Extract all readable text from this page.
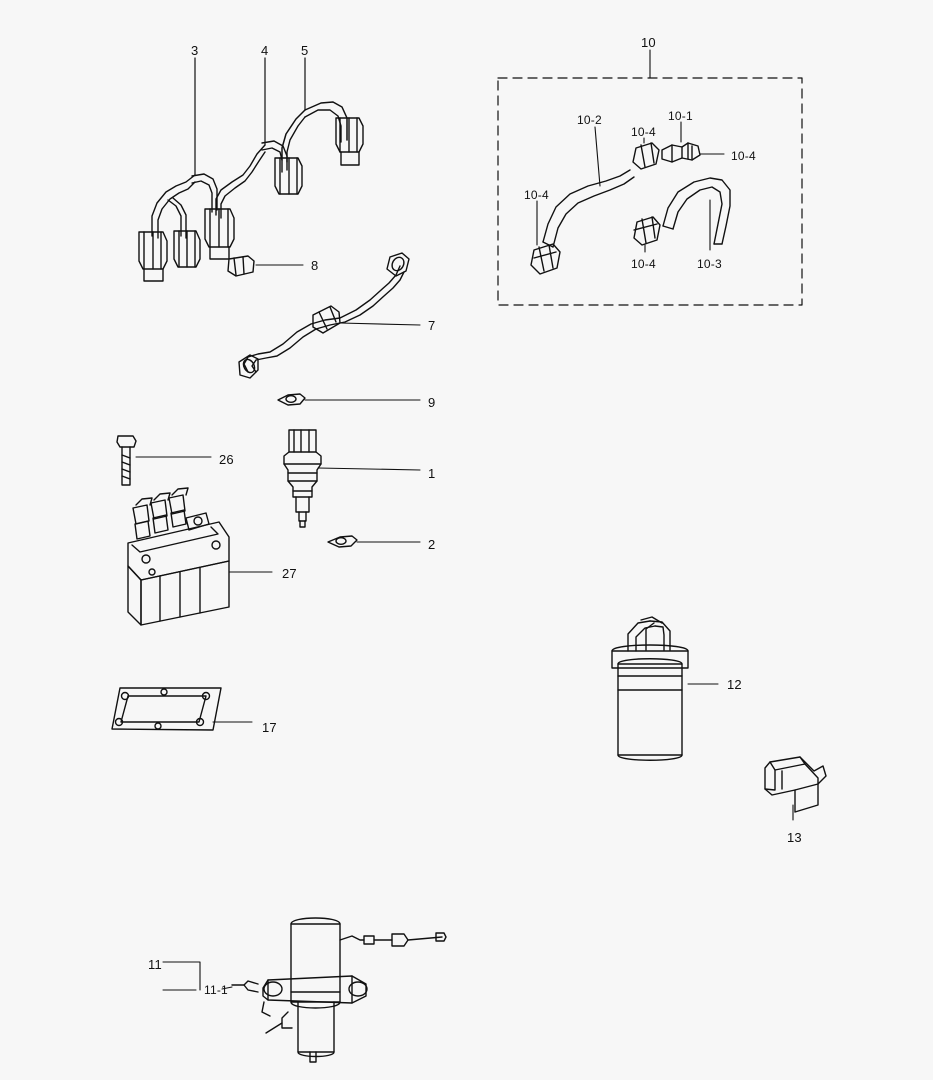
3	4	5
10
10-2
10-4
10-1
10-4
10-4
10-4	10-3
8
7
9
26
1
2
27
12
17
13
11
11-1
